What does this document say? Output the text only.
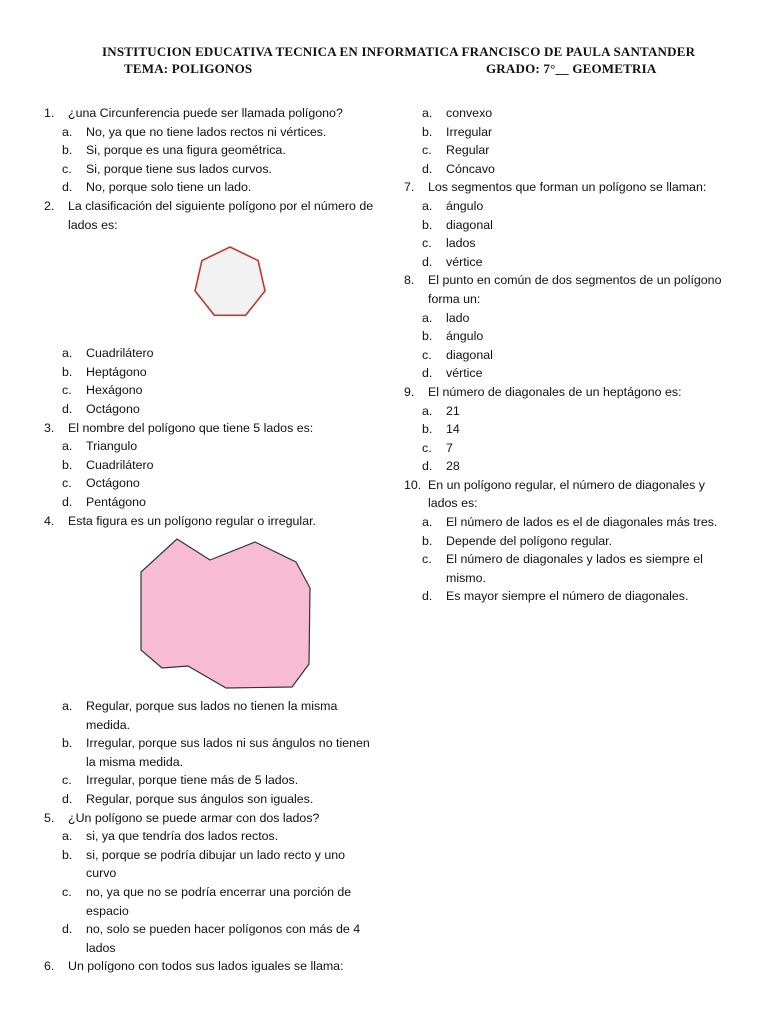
INSTITUCION EDUCATIVA TECNICA EN INFORMATICA FRANCISCO DE PAULA SANTANDER
TEMA: POLIGONOS	GRADO: 7°__ GEOMETRIA
1.	¿una Circunferencia puede ser llamada polígono?
a.	No, ya que no tiene lados rectos ni vértices.
b.	Si, porque es una figura geométrica.
c.	Si, porque tiene sus lados curvos.
d.	No, porque solo tiene un lado.
2.	La clasificación del siguiente polígono por el número de lados es:
a.	Cuadrilátero
b.	Heptágono
c.	Hexágono
d.	Octágono
3.	El nombre del polígono que tiene 5 lados es:
a.	Triangulo
b.	Cuadrilátero
c.	Octágono
d.	Pentágono
4.	Esta figura es un polígono regular o irregular.
a.	Regular, porque sus lados no tienen la misma medida.
b.	Irregular, porque sus lados ni sus ángulos no tienen la misma medida.
c.	Irregular, porque tiene más de 5 lados.
d.	Regular, porque sus ángulos son iguales.
5.	¿Un polígono se puede armar con dos lados?
a.	si, ya que tendría dos lados rectos.
b.	si, porque se podría dibujar un lado recto y uno curvo
c.	no, ya que no se podría encerrar una porción de espacio
d.	no, solo se pueden hacer polígonos con más de 4 lados
6.	Un polígono con todos sus lados iguales se llama:
a.	convexo
b.	Irregular
c.	Regular
d.	Cóncavo
7.	Los segmentos que forman un polígono se llaman:
a.	ángulo
b.	diagonal
c.	lados
d.	vértice
8.	El punto en común de dos segmentos de un polígono forma un:
a.	lado
b.	ángulo
c.	diagonal
d.	vértice
9.	El número de diagonales de un heptágono es:
a.	21
b.	14
c.	7
d.	28
10. En un polígono regular, el número de diagonales y lados es:
a.	El número de lados es el de diagonales más tres.
b.	Depende del polígono regular.
c.	El número de diagonales y lados es siempre el mismo.
d.	Es mayor siempre el número de diagonales.
